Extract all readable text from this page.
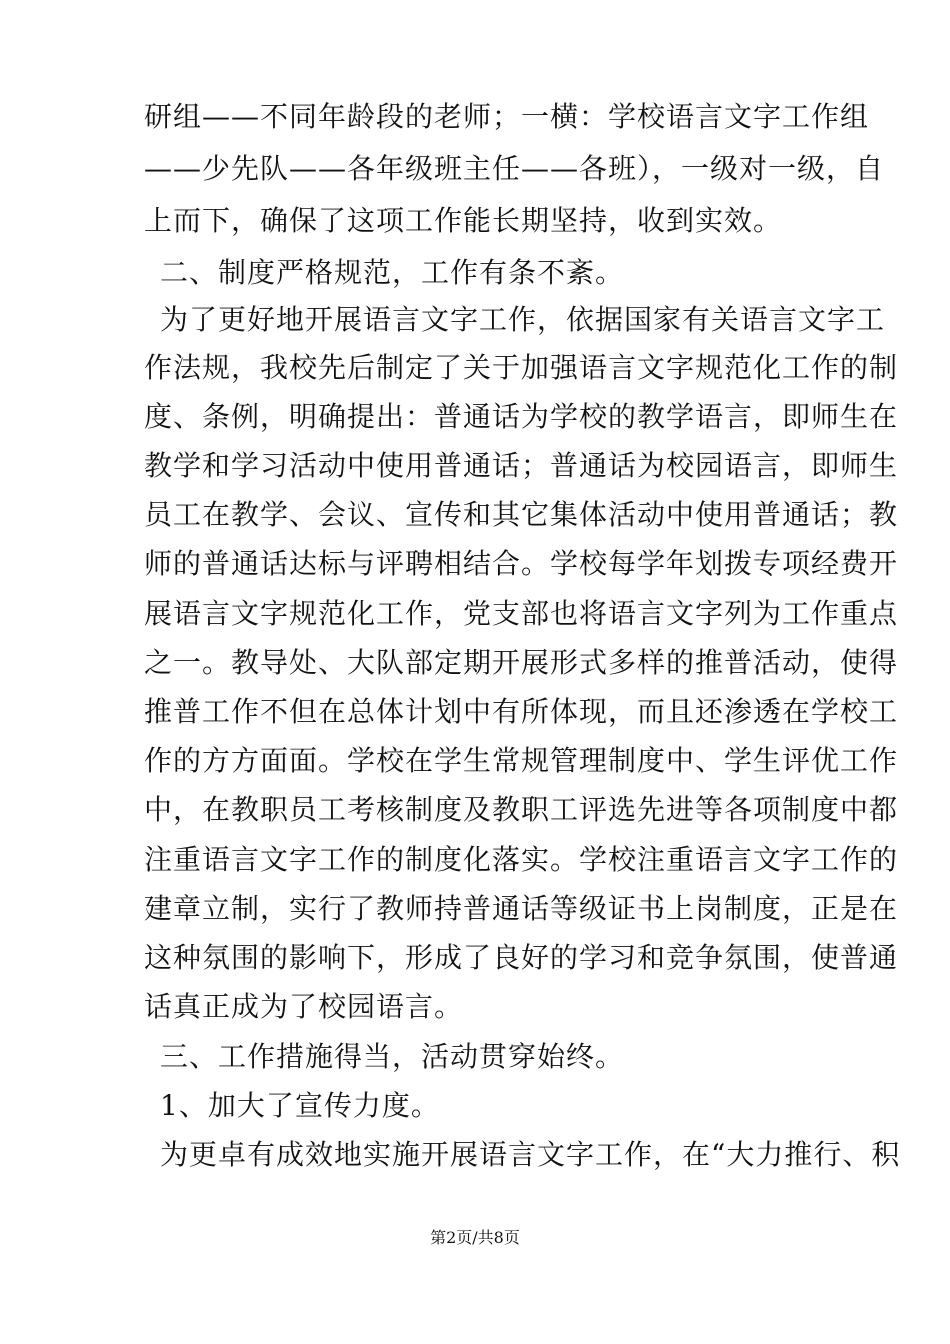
研组——不同年龄段的老师；一横：学校语言文字工作组
——少先队——各年级班主任——各班），一级对一级，自
上而下，确保了这项工作能长期坚持，收到实效。
二、制度严格规范，工作有条不紊。
为了更好地开展语言文字工作，依据国家有关语言文字工
作法规，我校先后制定了关于加强语言文字规范化工作的制
度、条例，明确提出：普通话为学校的教学语言，即师生在
教学和学习活动中使用普通话；普通话为校园语言，即师生
员工在教学、会议、宣传和其它集体活动中使用普通话；教
师的普通话达标与评聘相结合。学校每学年划拨专项经费开
展语言文字规范化工作，党支部也将语言文字列为工作重点
之一。教导处、大队部定期开展形式多样的推普活动，使得
推普工作不但在总体计划中有所体现，而且还渗透在学校工
作的方方面面。学校在学生常规管理制度中、学生评优工作
中，在教职员工考核制度及教职工评选先进等各项制度中都
注重语言文字工作的制度化落实。学校注重语言文字工作的
建章立制，实行了教师持普通话等级证书上岗制度，正是在
这种氛围的影响下，形成了良好的学习和竞争氛围，使普通
话真正成为了校园语言。
三、工作措施得当，活动贯穿始终。
1、加大了宣传力度。
为更卓有成效地实施开展语言文字工作，在“大力推行、积
第2页/共8页
